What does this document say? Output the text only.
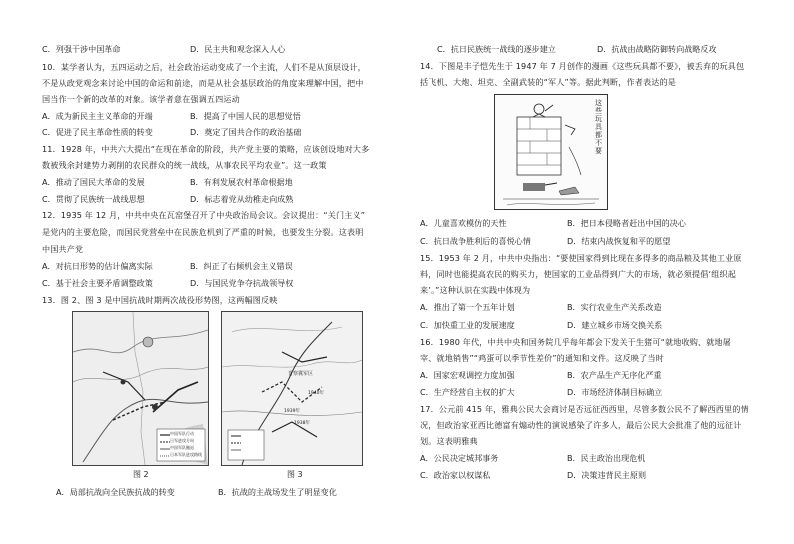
C．列强干涉中国革命	D．民主共和观念深入人心
10．某学者认为，五四运动之后，社会政治运动变成了一个主流，人们不是从顶层设计，
不是从政党观念来讨论中国的命运和前途，而是从社会基层政治的角度来理解中国，把中
国当作一个新的改革的对象。该学者意在强调五四运动
A．成为新民主主义革命的开端	B．提高了中国人民的思想觉悟
C．促进了民主革命性质的转变	D．奠定了国共合作的政治基础
11．1928 年，中共六大提出“在现在革命的阶段，共产党主要的策略，应该创设地对大多
数被残余封建势力剥削的农民群众的统一战线，从事农民平均农业”。这一政策
A．推动了国民大革命的发展	B．有利发展农村革命根据地
C．贯彻了民族统一战线思想	D．标志着党从幼稚走向成熟
12．1935 年 12 月，中共中央在瓦窑堡召开了中央政治局会议。会议提出：“关门主义”
是党内的主要危险，而国民党营垒中在民族危机到了严重的时候，也要发生分裂。这表明
中国共产党
A．对抗日形势的估计偏离实际	B．纠正了右倾机会主义错误
C．基于社会主要矛盾调整政策	D．与国民党争夺抗战领导权
13．图 2、图 3 是中国抗战时期两次战役形势图，这两幅图反映
中国军队行动
日军进攻方向
中国军队撤退
日本军队进攻路线
图 2
晋察冀军区
1940年
1939年
1938年
图 3
A．局部抗战向全民族抗战的转变	B．抗战的主战场发生了明显变化
C．抗日民族统一战线的逐步建立	D．抗战由战略防御转向战略反攻
14．下图是丰子恺先生于 1947 年 7 月创作的漫画《这些玩具都不要》，被丢弃的玩具包
括飞机、大炮、坦克、全副武装的“军人”等。据此判断，作者表达的是
这些玩具都不要
A．儿童喜欢模仿的天性	B．把日本侵略者赶出中国的决心
C．抗日战争胜利后的喜悦心情	D．结束内战恢复和平的愿望
15．1953 年 2 月，中共中央指出：“要使国家得到比现在多得多的商品粮及其他工业原
料，同时也能提高农民的购买力，使国家的工业品得到广大的市场，就必须提倡‘组织起
来’。”这种认识在实践中体现为
A．推出了第一个五年计划	B．实行农业生产关系改造
C．加快重工业的发展速度	D．建立城乡市场交换关系
16．1980 年代，中共中央和国务院几乎每年都会下发关于生猪可“就地收购、就地屠
宰、就地销售”“鸡蛋可以季节性差价”的通知和文件。这反映了当时
A．国家宏观调控力度加强	B．农产品生产无序化严重
C．生产经营自主权的扩大	D．市场经济体制目标确立
17．公元前 415 年，雅典公民大会商讨是否远征西西里，尽管多数公民不了解西西里的情
况，但政治家亚西比德富有煽动性的演说感染了许多人，最后公民大会批准了他的远征计
划。这表明雅典
A．公民决定城邦事务	B．民主政治出现危机
C．政治家以权谋私	D．决策违背民主原则
